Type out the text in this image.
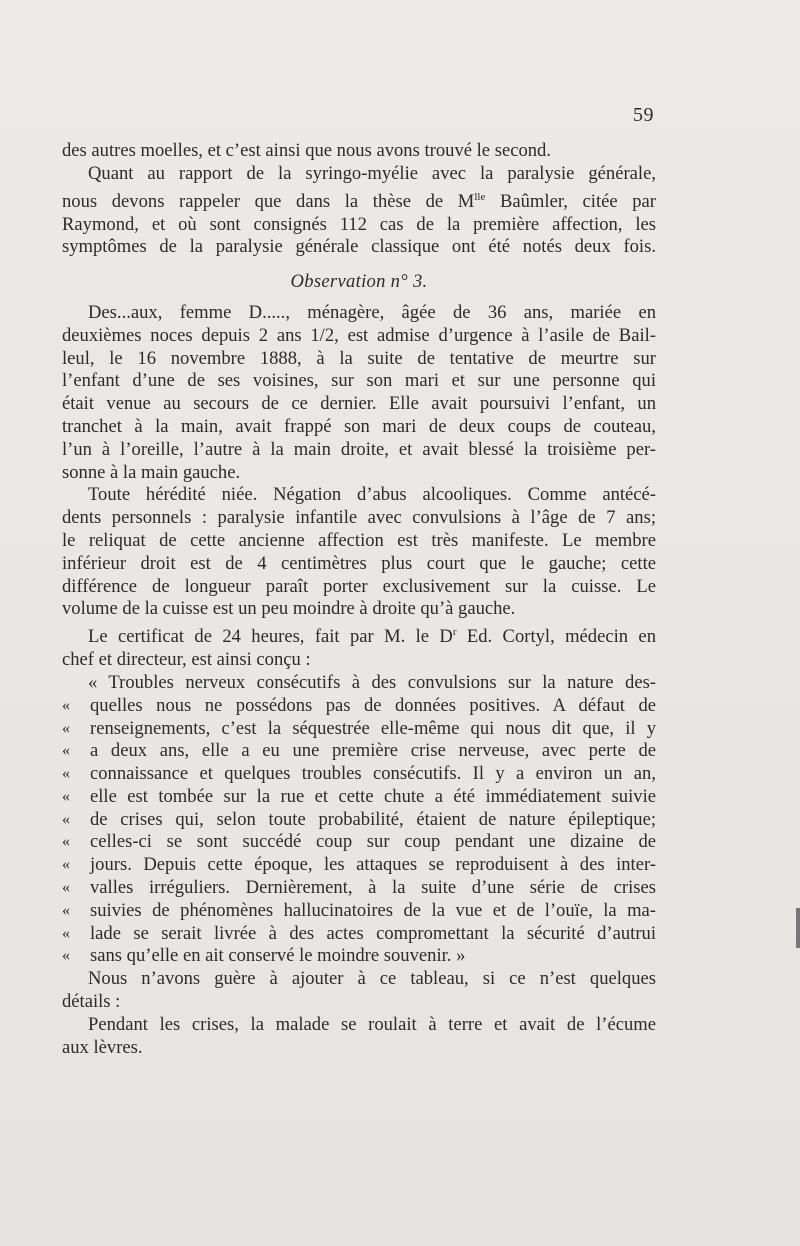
59

des autres moelles, et c’est ainsi que nous avons trouvé le second.

Quant au rapport de la syringo-myélie avec la paralysie générale,

nous devons rappeler que dans la thèse de $M^{lle}$ Baûmler, citée par

Raymond, et où sont consignés 112 cas de la première affection, les

symptômes de la paralysie générale classique ont été notés deux fois.

Observation n° 3.

Des...aux, femme D....., ménagère, âgée de 36 ans, mariée en

deuxièmes noces depuis 2 ans 1/2, est admise d’urgence à l’asile de Bail-

leul, le 16 novembre 1888, à la suite de tentative de meurtre sur

l’enfant d’une de ses voisines, sur son mari et sur une personne qui

était venue au secours de ce dernier. Elle avait poursuivi l’enfant, un

tranchet à la main, avait frappé son mari de deux coups de couteau,

l’un à l’oreille, l’autre à la main droite, et avait blessé la troisième per-

sonne à la main gauche.

Toute hérédité niée. Négation d’abus alcooliques. Comme antécé-

dents personnels : paralysie infantile avec convulsions à l’âge de 7 ans;

le reliquat de cette ancienne affection est très manifeste. Le membre

inférieur droit est de 4 centimètres plus court que le gauche; cette

différence de longueur paraît porter exclusivement sur la cuisse. Le

volume de la cuisse est un peu moindre à droite qu’à gauche.

Le certificat de 24 heures, fait par M. le $D^r$ Ed. Cortyl, médecin en

chef et directeur, est ainsi conçu :

« Troubles nerveux consécutifs à des convulsions sur la nature des-

«	quelles nous ne possédons pas de données positives. A défaut de
«	renseignements, c’est la séquestrée elle-même qui nous dit que, il y
«	a deux ans, elle a eu une première crise nerveuse, avec perte de
«	connaissance et quelques troubles consécutifs. Il y a environ un an,
«	elle est tombée sur la rue et cette chute a été immédiatement suivie
«	de crises qui, selon toute probabilité, étaient de nature épileptique;
«	celles-ci se sont succédé coup sur coup pendant une dizaine de
«	jours. Depuis cette époque, les attaques se reproduisent à des inter-
«	valles irréguliers. Dernièrement, à la suite d’une série de crises
«	suivies de phénomènes hallucinatoires de la vue et de l’ouïe, la ma-
«	lade se serait livrée à des actes compromettant la sécurité d’autrui
«	sans qu’elle en ait conservé le moindre souvenir. »

Nous n’avons guère à ajouter à ce tableau, si ce n’est quelques

détails :

Pendant les crises, la malade se roulait à terre et avait de l’écume

aux lèvres.
